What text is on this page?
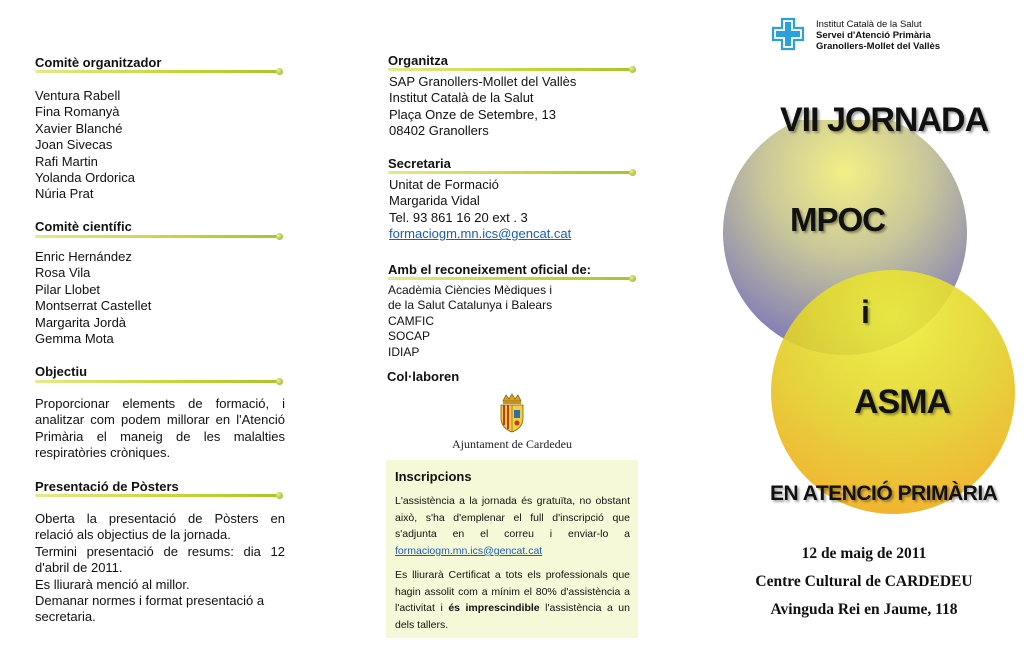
Comitè organitzador
Ventura Rabell
Fina Romanyà
Xavier Blanché
Joan Sivecas
Rafi Martin
Yolanda Ordorica
Núria Prat
Comitè científic
Enric Hernández
Rosa Vila
Pilar Llobet
Montserrat Castellet
Margarita Jordà
Gemma Mota
Objectiu
Proporcionar elements de formació, i analitzar com podem millorar en l'Atenció Primària el maneig de les malalties respiratòries cròniques.
Presentació de Pòsters
Oberta la presentació de Pòsters en relació als objectius de la jornada.
Termini presentació de resums: dia 12 d'abril de 2011.
Es lliurarà menció al millor.
Demanar normes i format presentació a secretaria.
Organitza
SAP Granollers-Mollet del Vallès
Institut Català de la Salut
Plaça Onze de Setembre, 13
08402 Granollers
Secretaria
Unitat de Formació
Margarida Vidal
Tel. 93 861 16 20 ext . 3
formaciogm.mn.ics@gencat.cat
Amb el reconeixement oficial de:
Acadèmia Ciències Mèdiques i
de la Salut Catalunya i Balears
CAMFIC
SOCAP
IDIAP
Col·laboren
Ajuntament de Cardedeu
Inscripcions
L'assistència a la jornada és gratuïta, no obstant això, s'ha d'emplenar el full d'inscripció que s'adjunta en el correu i enviar-lo a formaciogm.mn.ics@gencat.cat
Es lliurarà Certificat a tots els professionals que hagin assolit com a mínim el 80% d'assistència a l'activitat i és imprescindible l'assistència a un dels tallers.
Institut Català de la Salut
Servei d'Atenció Primària
Granollers-Mollet del Vallès
VII JORNADA
MPOC
i
ASMA
EN ATENCIÓ PRIMÀRIA
12 de maig de 2011
Centre Cultural de CARDEDEU
Avinguda Rei en Jaume, 118
